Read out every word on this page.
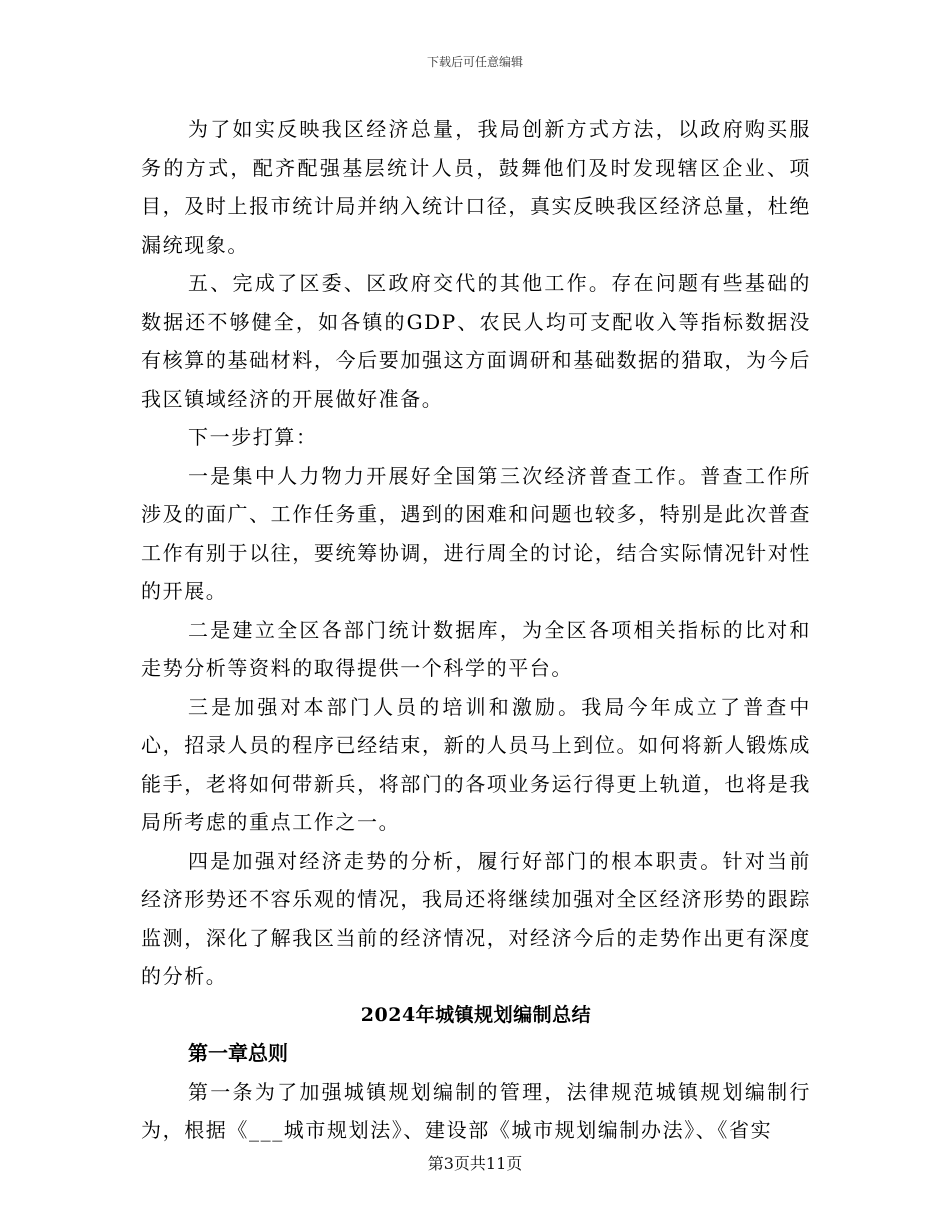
下载后可任意编辑

为了如实反映我区经济总量，我局创新方式方法，以政府购买服务的方式，配齐配强基层统计人员，鼓舞他们及时发现辖区企业、项目，及时上报市统计局并纳入统计口径，真实反映我区经济总量，杜绝漏统现象。

五、完成了区委、区政府交代的其他工作。存在问题有些基础的数据还不够健全，如各镇的GDP、农民人均可支配收入等指标数据没有核算的基础材料，今后要加强这方面调研和基础数据的猎取，为今后我区镇域经济的开展做好准备。

下一步打算：

一是集中人力物力开展好全国第三次经济普查工作。普查工作所涉及的面广、工作任务重，遇到的困难和问题也较多，特别是此次普查工作有别于以往，要统筹协调，进行周全的讨论，结合实际情况针对性的开展。

二是建立全区各部门统计数据库，为全区各项相关指标的比对和走势分析等资料的取得提供一个科学的平台。

三是加强对本部门人员的培训和激励。我局今年成立了普查中心，招录人员的程序已经结束，新的人员马上到位。如何将新人锻炼成能手，老将如何带新兵，将部门的各项业务运行得更上轨道，也将是我局所考虑的重点工作之一。

四是加强对经济走势的分析，履行好部门的根本职责。针对当前经济形势还不容乐观的情况，我局还将继续加强对全区经济形势的跟踪监测，深化了解我区当前的经济情况，对经济今后的走势作出更有深度的分析。

2024年城镇规划编制总结
第一章总则

第一条为了加强城镇规划编制的管理，法律规范城镇规划编制行为，根据《___城市规划法》、建设部《城市规划编制办法》、《省实

第3页共11页
